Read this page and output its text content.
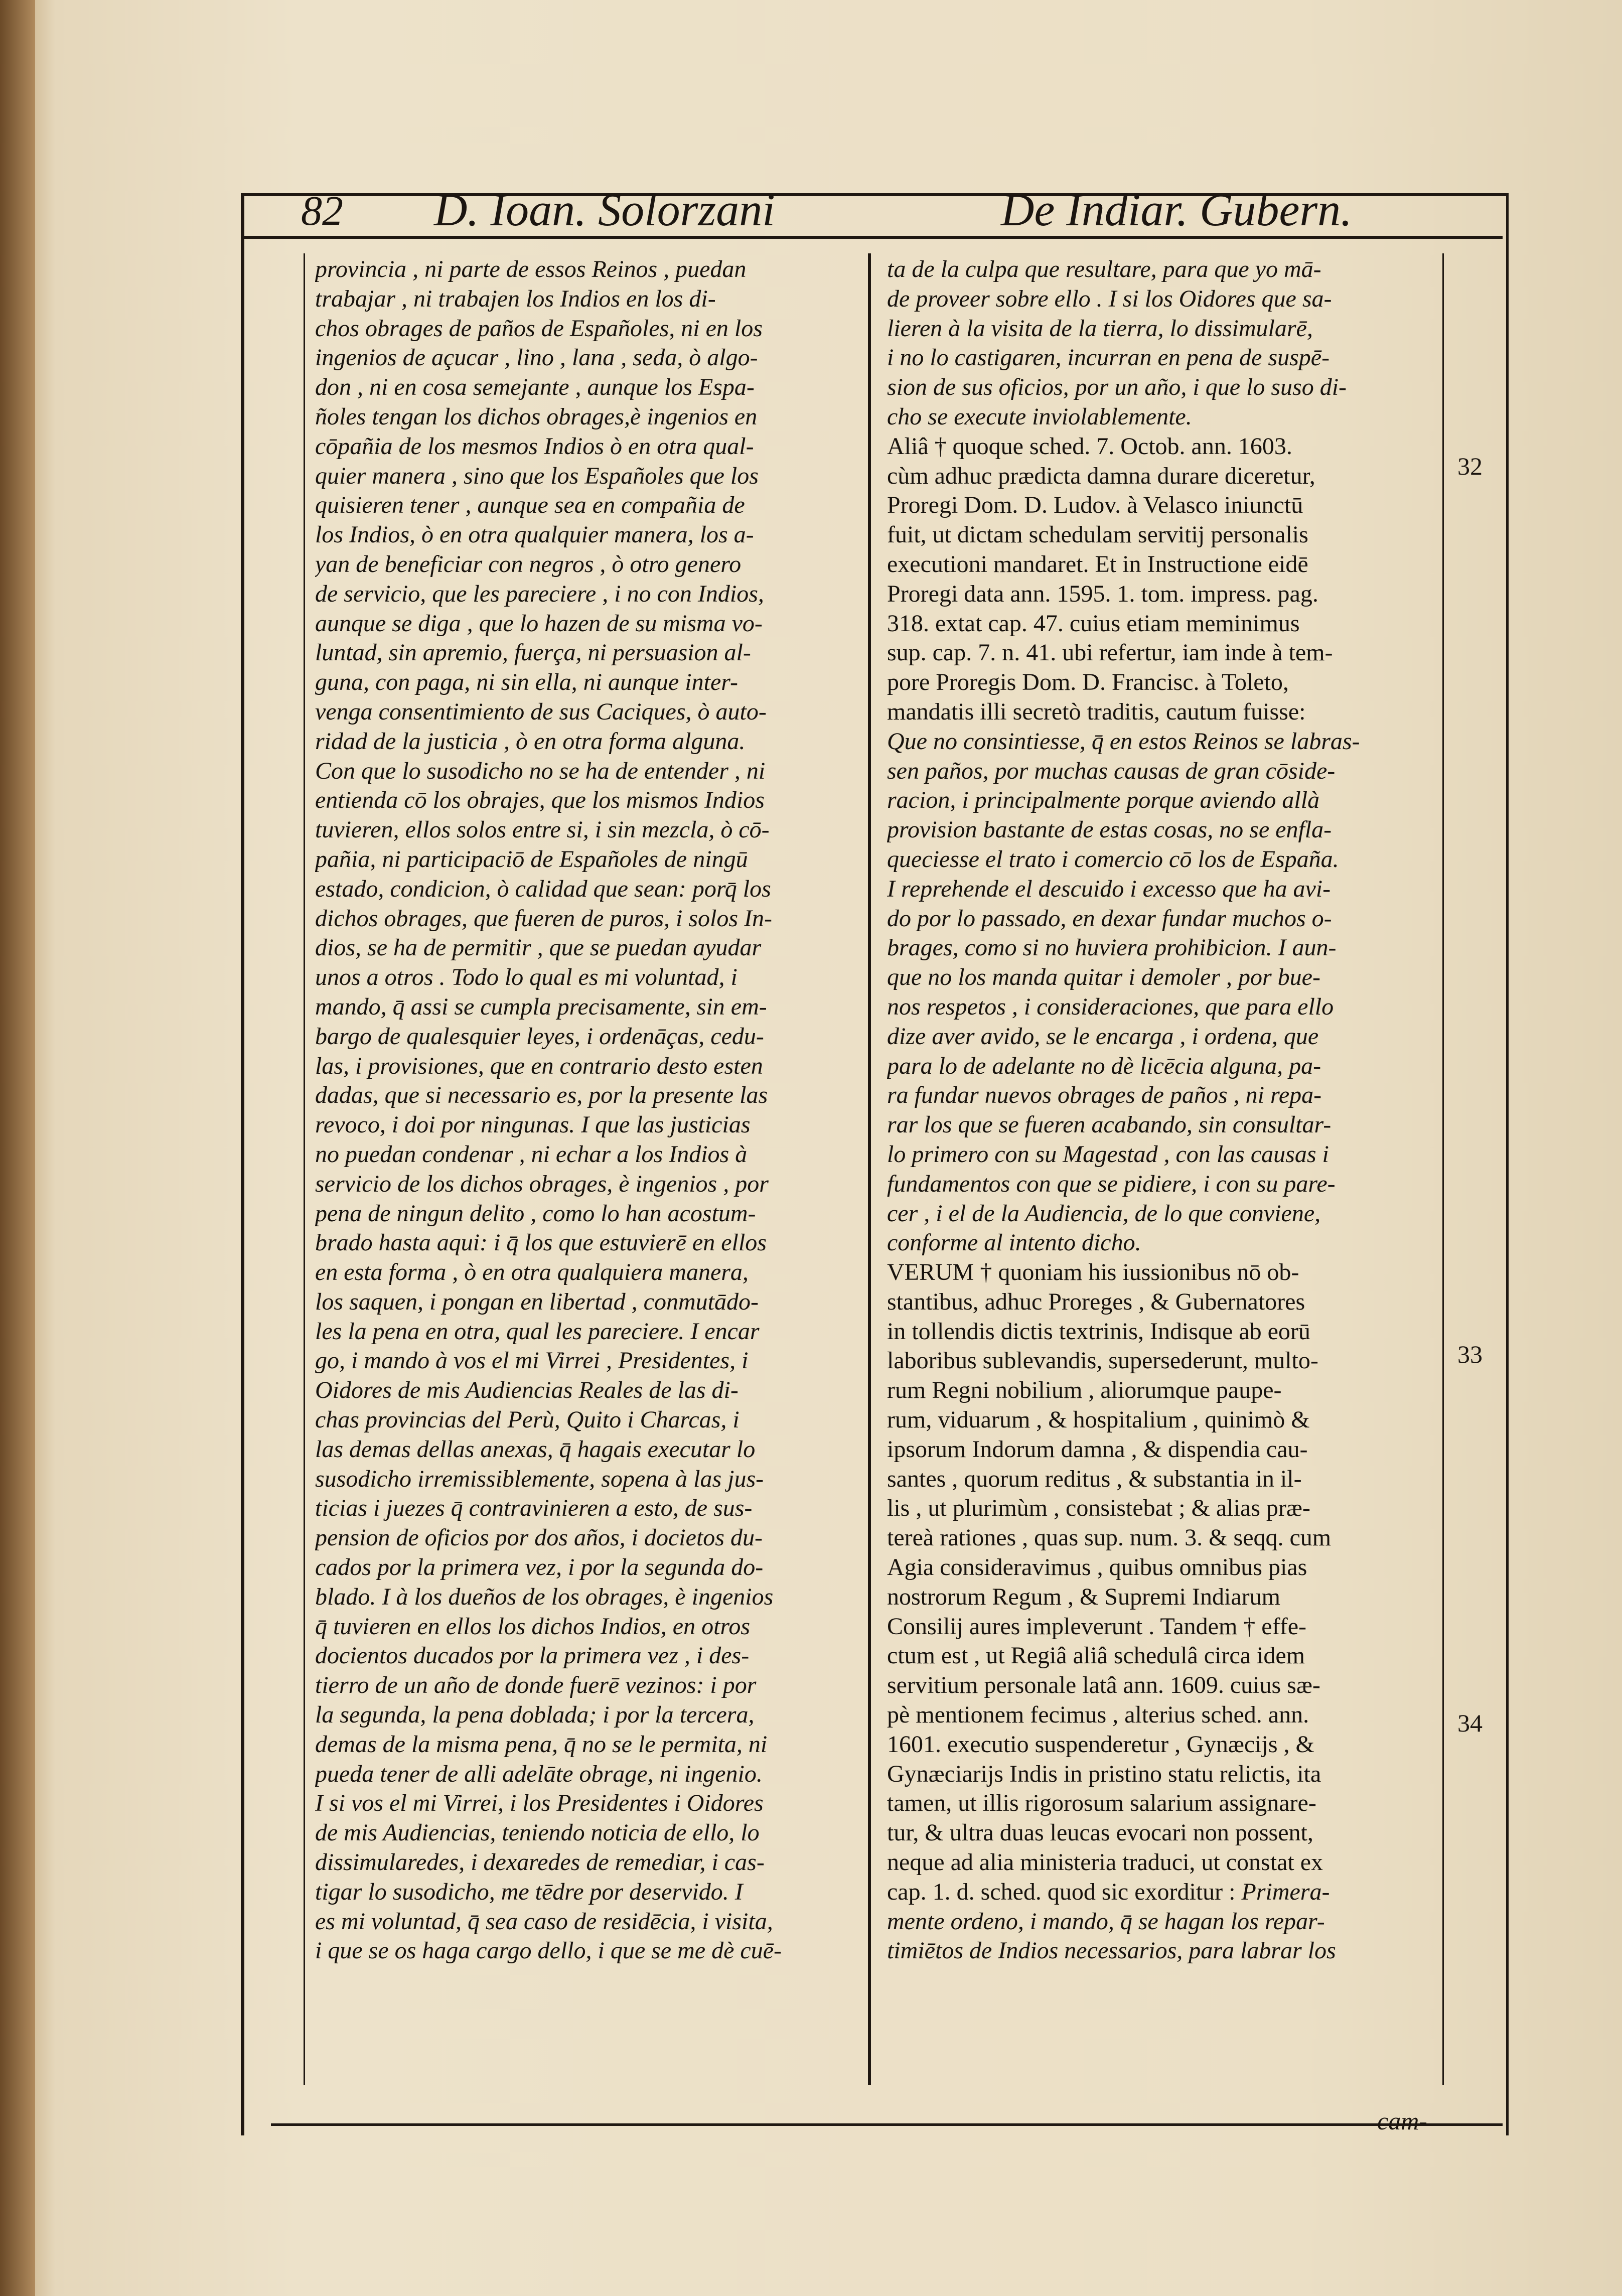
82 D. Ioan. Solorzani	De Indiar. Gubern.
provincia , ni parte de essos Reinos , puedan
trabajar , ni trabajen los Indios en los di-
chos obrages de paños de Españoles, ni en los
ingenios de açucar , lino , lana , seda, ò algo-
don , ni en cosa semejante , aunque los Espa-
ñoles tengan los dichos obrages,è ingenios en
cōpañia de los mesmos Indios ò en otra qual-
quier manera , sino que los Españoles que los
quisieren tener , aunque sea en compañia de
los Indios, ò en otra qualquier manera, los a-
yan de beneficiar con negros , ò otro genero
de servicio, que les pareciere , i no con Indios,
aunque se diga , que lo hazen de su misma vo-
luntad, sin apremio, fuerça, ni persuasion al-
guna, con paga, ni sin ella, ni aunque inter-
venga consentimiento de sus Caciques, ò auto-
ridad de la justicia , ò en otra forma alguna.
Con que lo susodicho no se ha de entender , ni
entienda cō los obrajes, que los mismos Indios
tuvieren, ellos solos entre si, i sin mezcla, ò cō-
pañia, ni participaciō de Españoles de ningū
estado, condicion, ò calidad que sean: porq̄ los
dichos obrages, que fueren de puros, i solos In-
dios, se ha de permitir , que se puedan ayudar
unos a otros . Todo lo qual es mi voluntad, i
mando, q̄ assi se cumpla precisamente, sin em-
bargo de qualesquier leyes, i ordenāças, cedu-
las, i provisiones, que en contrario desto esten
dadas, que si necessario es, por la presente las
revoco, i doi por ningunas. I que las justicias
no puedan condenar , ni echar a los Indios à
servicio de los dichos obrages, è ingenios , por
pena de ningun delito , como lo han acostum-
brado hasta aqui: i q̄ los que estuvierē en ellos
en esta forma , ò en otra qualquiera manera,
los saquen, i pongan en libertad , conmutādo-
les la pena en otra, qual les pareciere. I encar
go, i mando à vos el mi Virrei , Presidentes, i
Oidores de mis Audiencias Reales de las di-
chas provincias del Perù, Quito i Charcas, i
las demas dellas anexas, q̄ hagais executar lo
susodicho irremissiblemente, sopena à las jus-
ticias i juezes q̄ contravinieren a esto, de sus-
pension de oficios por dos años, i docietos du-
cados por la primera vez, i por la segunda do-
blado. I à los dueños de los obrages, è ingenios
q̄ tuvieren en ellos los dichos Indios, en otros
docientos ducados por la primera vez , i des-
tierro de un año de donde fuerē vezinos: i por
la segunda, la pena doblada; i por la tercera,
demas de la misma pena, q̄ no se le permita, ni
pueda tener de alli adelāte obrage, ni ingenio.
I si vos el mi Virrei, i los Presidentes i Oidores
de mis Audiencias, teniendo noticia de ello, lo
dissimularedes, i dexaredes de remediar, i cas-
tigar lo susodicho, me tēdre por deservido. I
es mi voluntad, q̄ sea caso de residēcia, i visita,
i que se os haga cargo dello, i que se me dè cuē-
ta de la culpa que resultare, para que yo mā-
de proveer sobre ello . I si los Oidores que sa-
lieren à la visita de la tierra, lo dissimularē,
i no lo castigaren, incurran en pena de suspē-
sion de sus oficios, por un año, i que lo suso di-
cho se execute inviolablemente.
Aliâ † quoque sched. 7. Octob. ann. 1603.
cùm adhuc prædicta damna durare diceretur,
Proregi Dom. D. Ludov. à Velasco iniunctū
fuit, ut dictam schedulam servitij personalis
executioni mandaret. Et in Instructione eidē
Proregi data ann. 1595. 1. tom. impress. pag.
318. extat cap. 47. cuius etiam meminimus
sup. cap. 7. n. 41. ubi refertur, iam inde à tem-
pore Proregis Dom. D. Francisc. à Toleto,
mandatis illi secretò traditis, cautum fuisse:
Que no consintiesse, q̄ en estos Reinos se labras-
sen paños, por muchas causas de gran cōside-
racion, i principalmente porque aviendo allà
provision bastante de estas cosas, no se enfla-
queciesse el trato i comercio cō los de España.
I reprehende el descuido i excesso que ha avi-
do por lo passado, en dexar fundar muchos o-
brages, como si no huviera prohibicion. I aun-
que no los manda quitar i demoler , por bue-
nos respetos , i consideraciones, que para ello
dize aver avido, se le encarga , i ordena, que
para lo de adelante no dè licēcia alguna, pa-
ra fundar nuevos obrages de paños , ni repa-
rar los que se fueren acabando, sin consultar-
lo primero con su Magestad , con las causas i
fundamentos con que se pidiere, i con su pare-
cer , i el de la Audiencia, de lo que conviene,
conforme al intento dicho.
VERUM † quoniam his iussionibus nō ob-
stantibus, adhuc Proreges , & Gubernatores
in tollendis dictis textrinis, Indisque ab eorū
laboribus sublevandis, supersederunt, multo-
rum Regni nobilium , aliorumque paupe-
rum, viduarum , & hospitalium , quinimò &
ipsorum Indorum damna , & dispendia cau-
santes , quorum reditus , & substantia in il-
lis , ut plurimùm , consistebat ; & alias præ-
tereà rationes , quas sup. num. 3. & seqq. cum
Agia consideravimus , quibus omnibus pias
nostrorum Regum , & Supremi Indiarum
Consilij aures impleverunt . Tandem † effe-
ctum est , ut Regiâ aliâ schedulâ circa idem
servitium personale latâ ann. 1609. cuius sæ-
pè mentionem fecimus , alterius sched. ann.
1601. executio suspenderetur , Gynæcijs , &
Gynæciarijs Indis in pristino statu relictis, ita
tamen, ut illis rigorosum salarium assignare-
tur, & ultra duas leucas evocari non possent,
neque ad alia ministeria traduci, ut constat ex
cap. 1. d. sched. quod sic exorditur : Primera-
mente ordeno, i mando, q̄ se hagan los repar-
timiētos de Indios necessarios, para labrar los
32
33
34
cam-
